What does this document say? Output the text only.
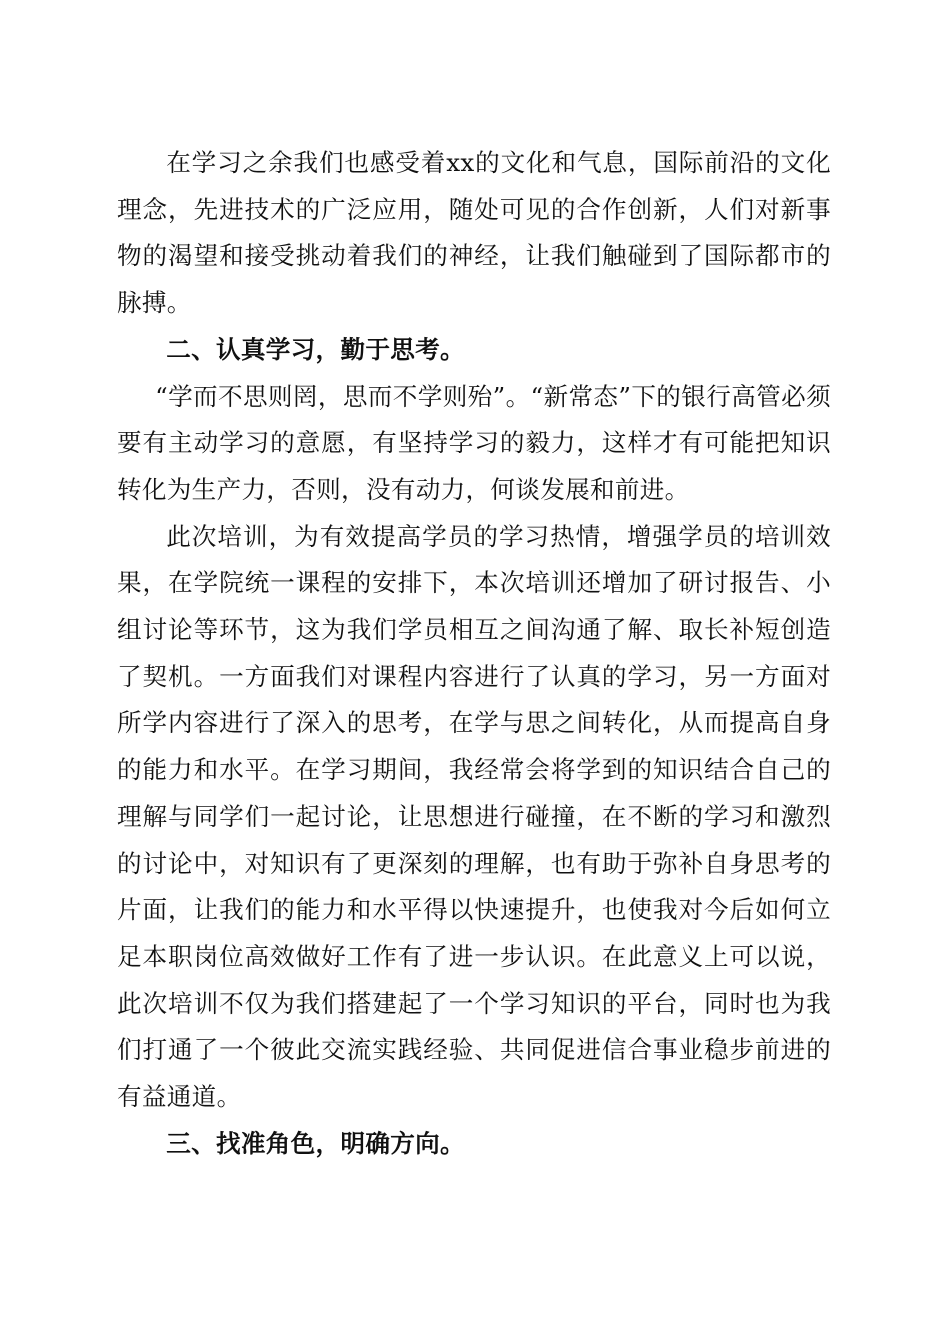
在学习之余我们也感受着xx的文化和气息，国际前沿的文化理念，先进技术的广泛应用，随处可见的合作创新，人们对新事物的渴望和接受挑动着我们的神经，让我们触碰到了国际都市的脉搏。

二、认真学习，勤于思考。

“学而不思则罔，思而不学则殆”。“新常态”下的银行高管必须要有主动学习的意愿，有坚持学习的毅力，这样才有可能把知识转化为生产力，否则，没有动力，何谈发展和前进。

此次培训，为有效提高学员的学习热情，增强学员的培训效果，在学院统一课程的安排下，本次培训还增加了研讨报告、小组讨论等环节，这为我们学员相互之间沟通了解、取长补短创造了契机。一方面我们对课程内容进行了认真的学习，另一方面对所学内容进行了深入的思考，在学与思之间转化，从而提高自身的能力和水平。在学习期间，我经常会将学到的知识结合自己的理解与同学们一起讨论，让思想进行碰撞，在不断的学习和激烈的讨论中，对知识有了更深刻的理解，也有助于弥补自身思考的片面，让我们的能力和水平得以快速提升，也使我对今后如何立足本职岗位高效做好工作有了进一步认识。在此意义上可以说，此次培训不仅为我们搭建起了一个学习知识的平台，同时也为我们打通了一个彼此交流实践经验、共同促进信合事业稳步前进的有益通道。

三、找准角色，明确方向。
